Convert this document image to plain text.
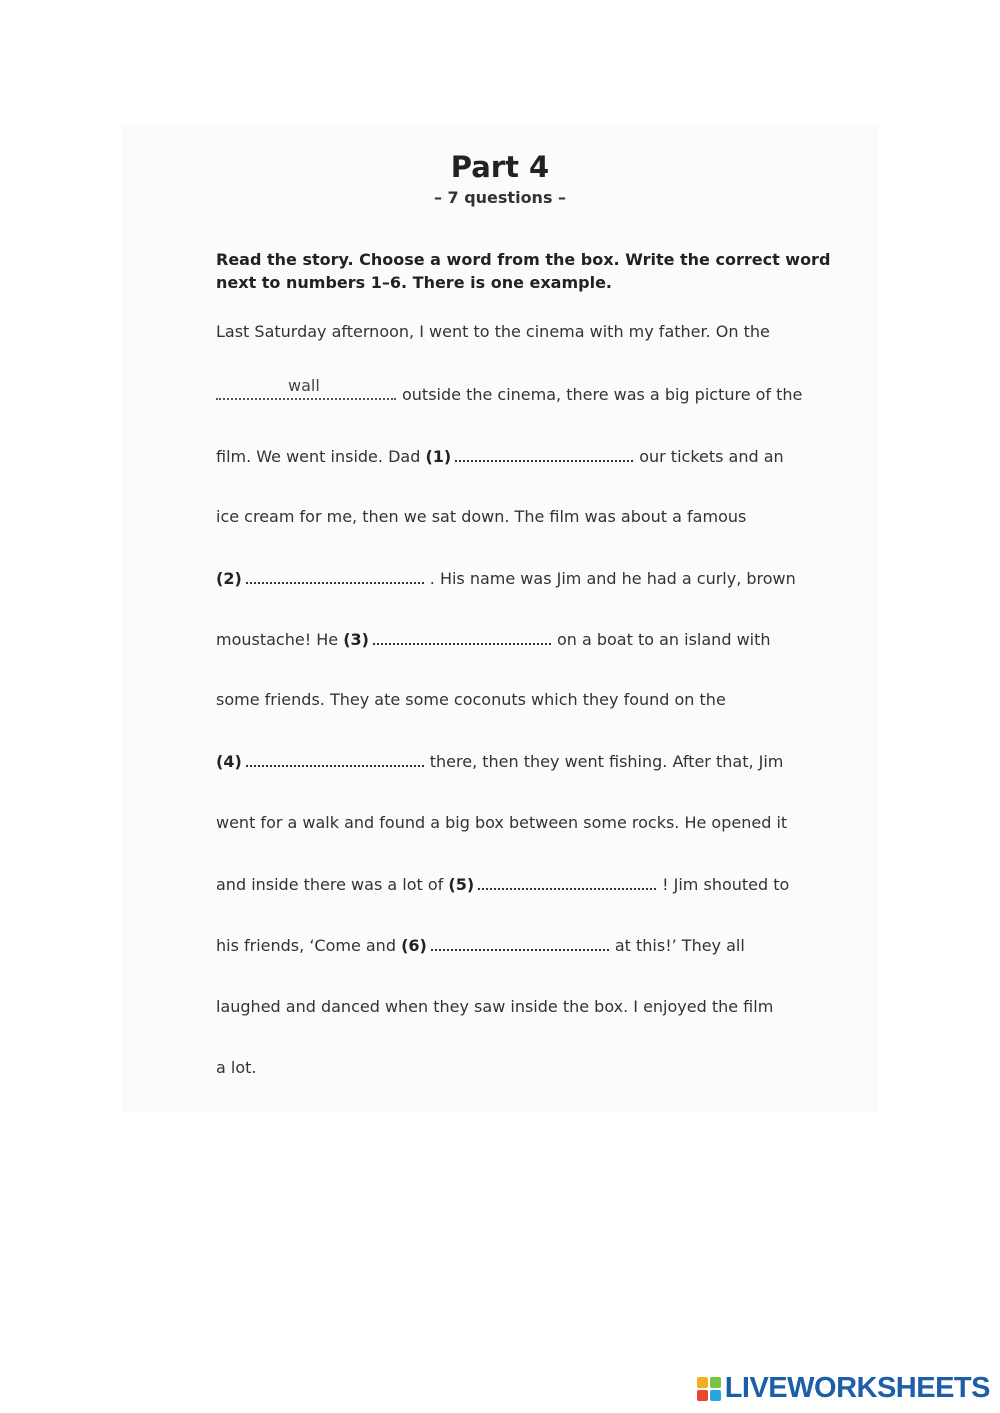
Part 4
– 7 questions –
Read the story. Choose a word from the box. Write the correct word next to numbers 1–6. There is one example.
Last Saturday afternoon, I went to the cinema with my father. On the
wall	outside the cinema, there was a big picture of the
film. We went inside. Dad (1)	our tickets and an
ice cream for me, then we sat down. The film was about a famous
(2)	. His name was Jim and he had a curly, brown
moustache! He (3)	on a boat to an island with
some friends. They ate some coconuts which they found on the
(4)	there, then they went fishing. After that, Jim
went for a walk and found a big box between some rocks. He opened it
and inside there was a lot of (5)	! Jim shouted to
his friends, ‘Come and (6)	at this!’ They all
laughed and danced when they saw inside the box. I enjoyed the film
a lot.
LIVEWORKSHEETS
